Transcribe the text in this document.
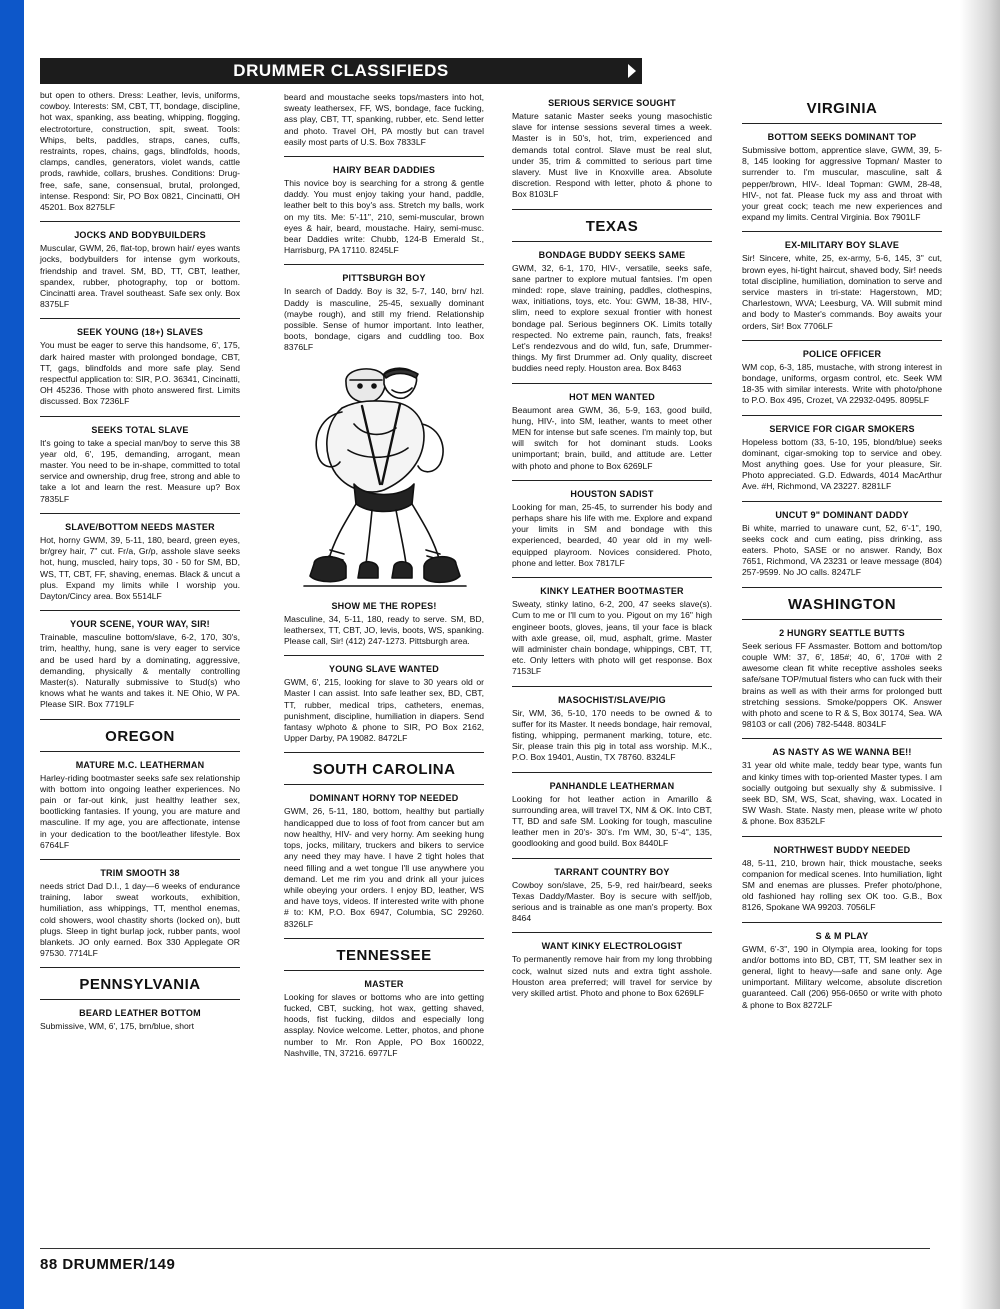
DRUMMER CLASSIFIEDS

but open to others. Dress: Leather, levis, uniforms, cowboy. Interests: SM, CBT, TT, bondage, discipline, hot wax, spanking, ass beating, whipping, flogging, electrotorture, construction, spit, sweat. Tools: Whips, belts, paddles, straps, canes, cuffs, restraints, ropes, chains, gags, blindfolds, hoods, clamps, candles, generators, violet wands, cattle prods, rawhide, collars, brushes. Conditions: Drug-free, safe, sane, consensual, brutal, prolonged, intense. Respond: Sir, PO Box 0821, Cincinatti, OH 45201. Box 8275LF

JOCKS AND BODYBUILDERS

Muscular, GWM, 26, flat-top, brown hair/ eyes wants jocks, bodybuilders for intense gym workouts, friendship and travel. SM, BD, TT, CBT, leather, spandex, rubber, photography, top or bottom. Cincinatti area. Travel southeast. Safe sex only. Box 8375LF

SEEK YOUNG (18+) SLAVES

You must be eager to serve this handsome, 6', 175, dark haired master with prolonged bondage, CBT, TT, gags, blindfolds and more safe play. Send respectful application to: SIR, P.O. 36341, Cincinatti, OH 45236. Those with photo answered first. Limits discussed. Box 7236LF

SEEKS TOTAL SLAVE

It's going to take a special man/boy to serve this 38 year old, 6', 195, demanding, arrogant, mean master. You need to be in-shape, committed to total service and ownership, drug free, strong and able to take a lot and learn the rest. Measure up? Box 7835LF

SLAVE/BOTTOM NEEDS MASTER

Hot, horny GWM, 39, 5-11, 180, beard, green eyes, br/grey hair, 7" cut. Fr/a, Gr/p, asshole slave seeks hot, hung, muscled, hairy tops, 30 - 50 for SM, BD, WS, TT, CBT, FF, shaving, enemas. Black & uncut a plus. Expand my limits while I worship you. Dayton/Cincy area. Box 5514LF

YOUR SCENE, YOUR WAY, SIR!

Trainable, masculine bottom/slave, 6-2, 170, 30's, trim, healthy, hung, sane is very eager to service and be used hard by a dominating, aggressive, demanding, physically & mentally controlling Master(s). Naturally submissive to Stud(s) who knows what he wants and takes it. NE Ohio, W PA. Please SIR. Box 7719LF

OREGON
MATURE M.C. LEATHERMAN

Harley-riding bootmaster seeks safe sex relationship with bottom into ongoing leather experiences. No pain or far-out kink, just healthy leather sex, bootlicking fantasies. If young, you are mature and masculine. If my age, you are affectionate, intense in your dedication to the boot/leather lifestyle. Box 6764LF

TRIM SMOOTH 38

needs strict Dad D.I., 1 day—6 weeks of endurance training, labor sweat workouts, exhibition, humiliation, ass whippings, TT, menthol enemas, cold showers, wool chastity shorts (locked on), butt plugs. Sleep in tight burlap jock, rubber pants, wool blankets. JO only earned. Box 330 Applegate OR 97530. 7714LF

PENNSYLVANIA
BEARD LEATHER BOTTOM

Submissive, WM, 6', 175, brn/blue, short

beard and moustache seeks tops/masters into hot, sweaty leathersex, FF, WS, bondage, face fucking, ass play, CBT, TT, spanking, rubber, etc. Send letter and photo. Travel OH, PA mostly but can travel easily most parts of U.S. Box 7833LF

HAIRY BEAR DADDIES

This novice boy is searching for a strong & gentle daddy. You must enjoy taking your hand, paddle, leather belt to this boy's ass. Stretch my balls, work on my tits. Me: 5'-11", 210, semi-muscular, brown eyes & hair, beard, moustache. Hairy, semi-musc. bear Daddies write: Chubb, 124-B Emerald St., Harrisburg, PA 17110. 8245LF

PITTSBURGH BOY

In search of Daddy. Boy is 32, 5-7, 140, brn/ hzl. Daddy is masculine, 25-45, sexually dominant (maybe rough), and still my friend. Relationship possible. Sense of humor important. Into leather, boots, bondage, cigars and cuddling too. Box 8376LF

SHOW ME THE ROPES!

Masculine, 34, 5-11, 180, ready to serve. SM, BD, leathersex, TT, CBT, JO, levis, boots, WS, spanking. Please call, Sir! (412) 247-1273. Pittsburgh area.

YOUNG SLAVE WANTED

GWM, 6', 215, looking for slave to 30 years old or Master I can assist. Into safe leather sex, BD, CBT, TT, rubber, medical trips, catheters, enemas, punishment, discipline, humiliation in diapers. Send fantasy w/photo & phone to SIR, PO Box 2162, Upper Darby, PA 19082. 8472LF

SOUTH CAROLINA
DOMINANT HORNY TOP NEEDED

GWM, 26, 5-11, 180, bottom, healthy but partially handicapped due to loss of foot from cancer but am now healthy, HIV- and very horny. Am seeking hung tops, jocks, military, truckers and bikers to service any need they may have. I have 2 tight holes that need filling and a wet tongue I'll use anywhere you demand. Let me rim you and drink all your juices while obeying your orders. I enjoy BD, leather, WS and have toys, videos. If interested write with phone # to: KM, P.O. Box 6947, Columbia, SC 29260. 8326LF

TENNESSEE
MASTER

Looking for slaves or bottoms who are into getting fucked, CBT, sucking, hot wax, getting shaved, hoods, fist fucking, dildos and especially long assplay. Novice welcome. Letter, photos, and phone number to Mr. Ron Apple, PO Box 160022, Nashville, TN, 37216. 6977LF

SERIOUS SERVICE SOUGHT

Mature satanic Master seeks young masochistic slave for intense sessions several times a week. Master is in 50's, hot, trim, experienced and demands total control. Slave must be real slut, under 35, trim & committed to serious part time slavery. Must live in Knoxville area. Absolute discretion. Respond with letter, photo & phone to Box 8103LF

TEXAS
BONDAGE BUDDY SEEKS SAME

GWM, 32, 6-1, 170, HIV-, versatile, seeks safe, sane partner to explore mutual fantsies. I'm open minded: rope, slave training, paddles, clothespins, wax, initiations, toys, etc. You: GWM, 18-38, HIV-, slim, need to explore sexual frontier with honest bondage pal. Serious beginners OK. Limits totally respected. No extreme pain, raunch, fats, freaks! Let's rendezvous and do wild, fun, safe, Drummer-things. My first Drummer ad. Only quality, discreet buddies need reply. Houston area. Box 8463

HOT MEN WANTED

Beaumont area GWM, 36, 5-9, 163, good build, hung, HIV-, into SM, leather, wants to meet other MEN for intense but safe scenes. I'm mainly top, but will switch for hot dominant studs. Looks unimportant; brain, build, and attitude are. Letter with photo and phone to Box 6269LF

HOUSTON SADIST

Looking for man, 25-45, to surrender his body and perhaps share his life with me. Explore and expand your limits in SM and bondage with this experienced, bearded, 40 year old in my well-equipped playroom. Novices considered. Photo, phone and letter. Box 7817LF

KINKY LEATHER BOOTMASTER

Sweaty, stinky latino, 6-2, 200, 47 seeks slave(s). Cum to me or I'll cum to you. Pigout on my 16" high engineer boots, gloves, jeans, til your face is black with axle grease, oil, mud, asphalt, grime. Master will administer chain bondage, whippings, CBT, TT, etc. Only letters with photo will get response. Box 7153LF

MASOCHIST/SLAVE/PIG

Sir, WM, 36, 5-10, 170 needs to be owned & to suffer for its Master. It needs bondage, hair removal, fisting, whipping, permanent marking, toture, etc. Sir, please train this pig in total ass worship. M.K., P.O. Box 19401, Austin, TX 78760. 8324LF

PANHANDLE LEATHERMAN

Looking for hot leather action in Amarillo & surrounding area, will travel TX, NM & OK. Into CBT, TT, BD and safe SM. Looking for tough, masculine leather men in 20's- 30's. I'm WM, 30, 5'-4", 135, goodlooking and good build. Box 8440LF

TARRANT COUNTRY BOY

Cowboy son/slave, 25, 5-9, red hair/beard, seeks Texas Daddy/Master. Boy is secure with self/job, serious and is trainable as one man's property. Box 8464

WANT KINKY ELECTROLOGIST

To permanently remove hair from my long throbbing cock, walnut sized nuts and extra tight asshole. Houston area preferred; will travel for service by very skilled artist. Photo and phone to Box 6269LF

VIRGINIA
BOTTOM SEEKS DOMINANT TOP

Submissive bottom, apprentice slave, GWM, 39, 5-8, 145 looking for aggressive Topman/ Master to surrender to. I'm muscular, masculine, salt & pepper/brown, HIV-. Ideal Topman: GWM, 28-48, HIV-, not fat. Please fuck my ass and throat with your great cock; teach me new experiences and expand my limits. Central Virginia. Box 7901LF

EX-MILITARY BOY SLAVE

Sir! Sincere, white, 25, ex-army, 5-6, 145, 3" cut, brown eyes, hi-tight haircut, shaved body, Sir! needs total discipline, humiliation, domination to serve and service masters in tri-state: Hagerstown, MD; Charlestown, WVA; Leesburg, VA. Will submit mind and body to Master's commands. Boy awaits your orders, Sir! Box 7706LF

POLICE OFFICER

WM cop, 6-3, 185, mustache, with strong interest in bondage, uniforms, orgasm control, etc. Seek WM 18-35 with similar interests. Write with photo/phone to P.O. Box 495, Crozet, VA 22932-0495. 8095LF

SERVICE FOR CIGAR SMOKERS

Hopeless bottom (33, 5-10, 195, blond/blue) seeks dominant, cigar-smoking top to service and obey. Most anything goes. Use for your pleasure, Sir. Photo appreciated. G.D. Edwards, 4014 MacArthur Ave. #H, Richmond, VA 23227. 8281LF

UNCUT 9" DOMINANT DADDY

Bi white, married to unaware cunt, 52, 6'-1", 190, seeks cock and cum eating, piss drinking, ass eaters. Photo, SASE or no answer. Randy, Box 7651, Richmond, VA 23231 or leave message (804) 257-9599. No JO calls. 8247LF

WASHINGTON
2 HUNGRY SEATTLE BUTTS

Seek serious FF Assmaster. Bottom and bottom/top couple WM: 37, 6', 185#; 40, 6', 170# with 2 awesome clean fit white receptive assholes seeks safe/sane TOP/mutual fisters who can fuck with their brains as well as with their arms for prolonged butt stretching sessions. Smoke/poppers OK. Answer with photo and scene to R & S, Box 30174, Sea. WA 98103 or call (206) 782-5448. 8034LF

AS NASTY AS WE WANNA BE!!

31 year old white male, teddy bear type, wants fun and kinky times with top-oriented Master types. I am socially outgoing but sexually shy & submissive. I seek BD, SM, WS, Scat, shaving, wax. Located in SW Wash. State. Nasty men, please write w/ photo & phone. Box 8352LF

NORTHWEST BUDDY NEEDED

48, 5-11, 210, brown hair, thick moustache, seeks companion for medical scenes. Into humiliation, light SM and enemas are plusses. Prefer photo/phone, old fashioned hay rolling sex OK too. G.B., Box 8126, Spokane WA 99203. 7056LF

S & M PLAY

GWM, 6'-3", 190 in Olympia area, looking for tops and/or bottoms into BD, CBT, TT, SM leather sex in general, light to heavy—safe and sane only. Age unimportant. Military welcome, absolute discretion guaranteed. Call (206) 956-0650 or write with photo & phone to Box 8272LF

88 DRUMMER/149
